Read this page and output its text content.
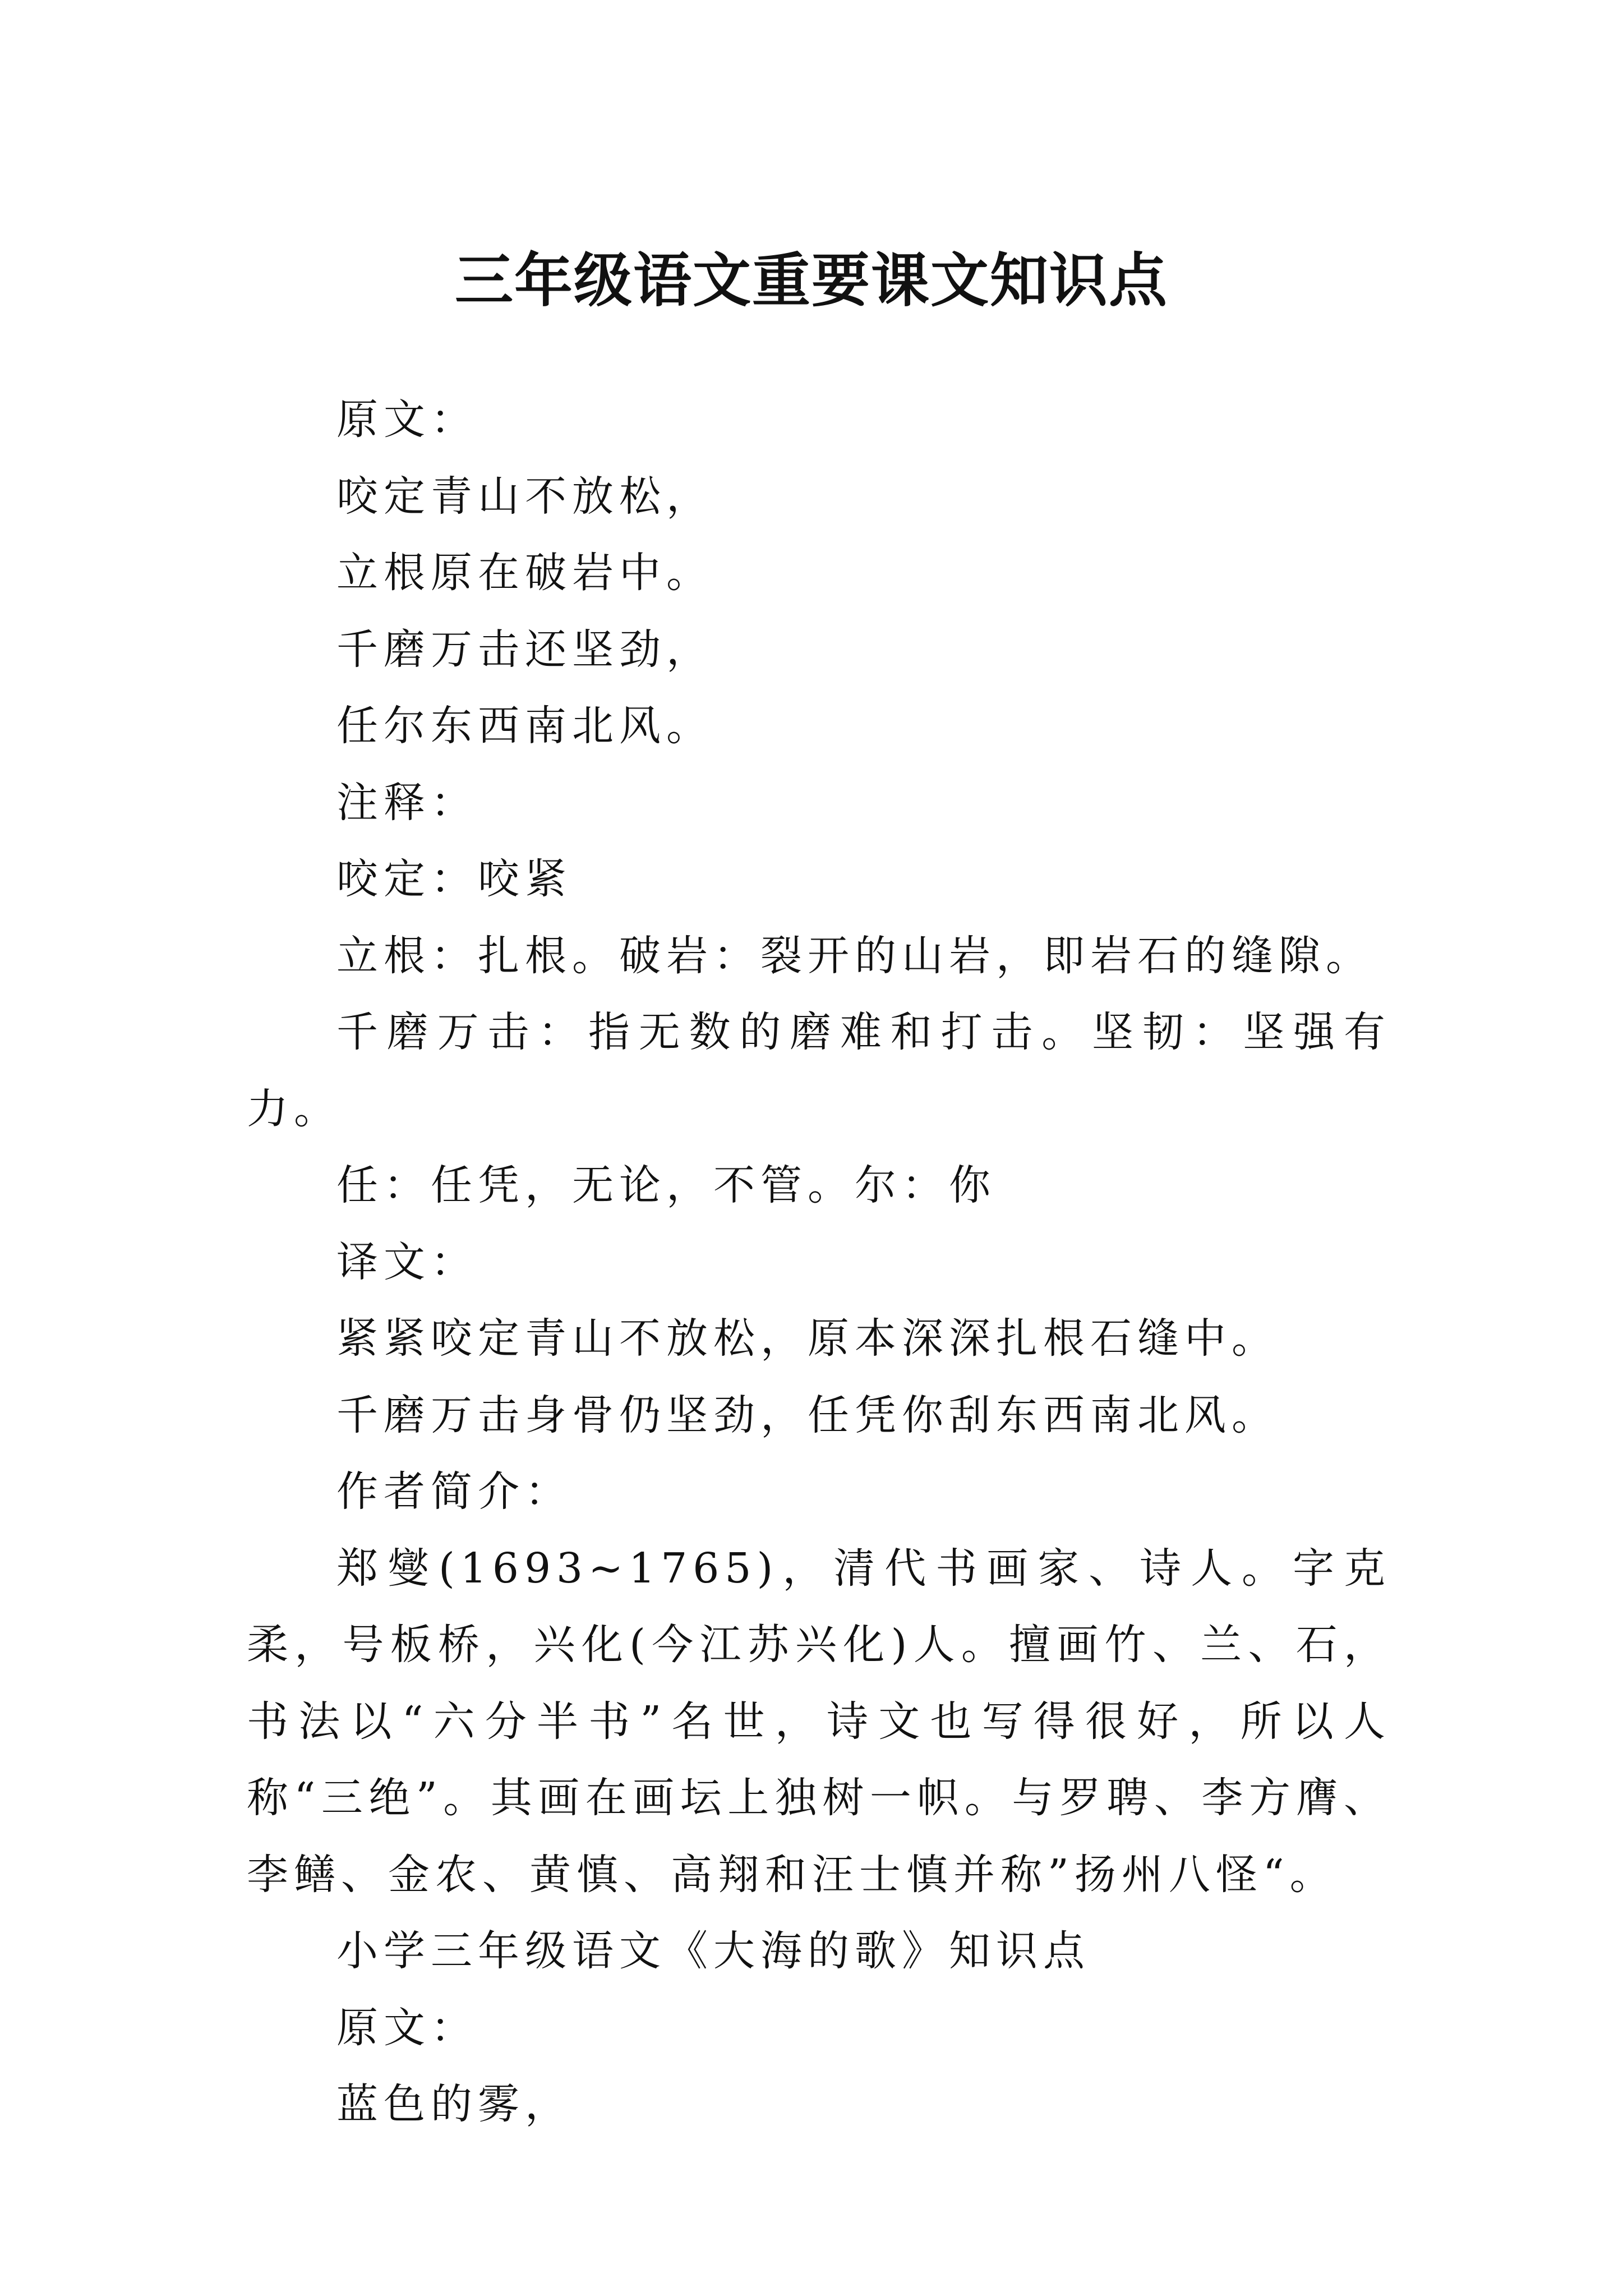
三年级语文重要课文知识点

原文：

咬定青山不放松，

立根原在破岩中。

千磨万击还坚劲，

任尔东西南北风。

注释：

咬定：咬紧

立根：扎根。破岩：裂开的山岩，即岩石的缝隙。

千磨万击：指无数的磨难和打击。坚韧：坚强有力。

任：任凭，无论，不管。尔：你

译文：

紧紧咬定青山不放松，原本深深扎根石缝中。

千磨万击身骨仍坚劲，任凭你刮东西南北风。

作者简介：

郑燮(1693~1765)，清代书画家、诗人。字克柔，号板桥，兴化(今江苏兴化)人。擅画竹、兰、石，书法以“六分半书”名世，诗文也写得很好，所以人称“三绝”。其画在画坛上独树一帜。与罗聘、李方膺、李鳝、金农、黄慎、高翔和汪士慎并称”扬州八怪“。

小学三年级语文《大海的歌》知识点

原文：

蓝色的雾，
